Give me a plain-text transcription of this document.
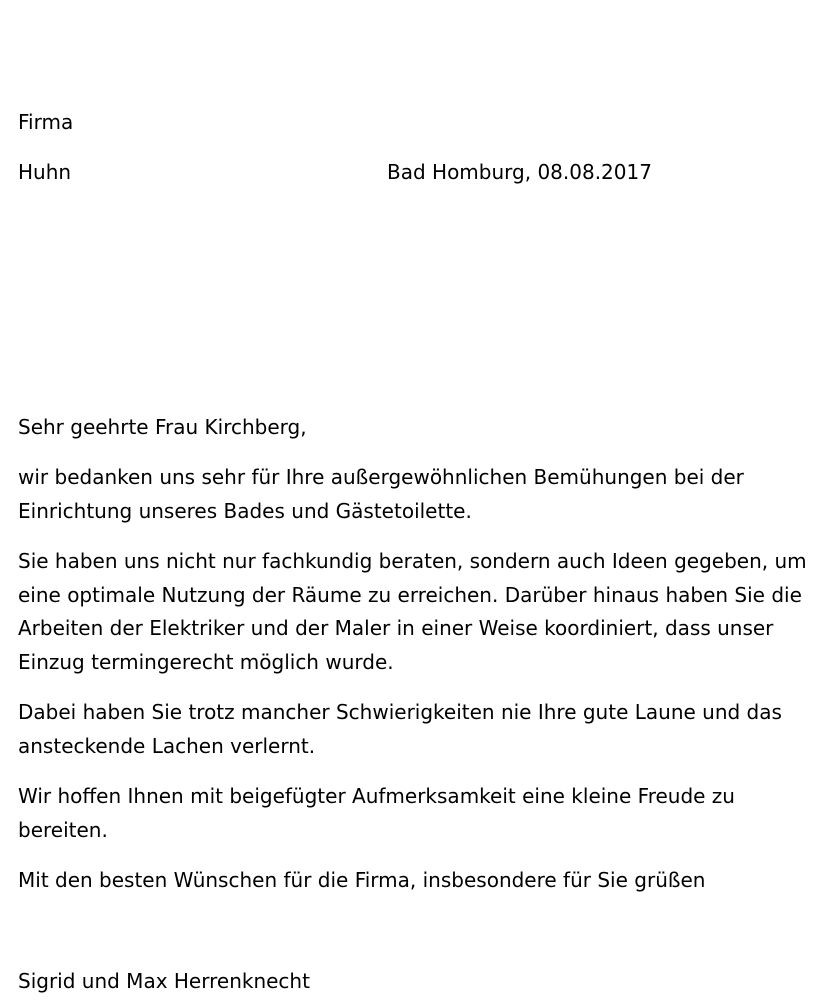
Firma
Huhn	Bad Homburg, 08.08.2017
Sehr geehrte Frau Kirchberg,
wir bedanken uns sehr für Ihre außergewöhnlichen Bemühungen bei der
Einrichtung unseres Bades und Gästetoilette.
Sie haben uns nicht nur fachkundig beraten, sondern auch Ideen gegeben, um
eine optimale Nutzung der Räume zu erreichen. Darüber hinaus haben Sie die
Arbeiten der Elektriker und der Maler in einer Weise koordiniert, dass unser
Einzug termingerecht möglich wurde.
Dabei haben Sie trotz mancher Schwierigkeiten nie Ihre gute Laune und das
ansteckende Lachen verlernt.
Wir hoffen Ihnen mit beigefügter Aufmerksamkeit eine kleine Freude zu
bereiten.
Mit den besten Wünschen für die Firma, insbesondere für Sie grüßen
Sigrid und Max Herrenknecht
